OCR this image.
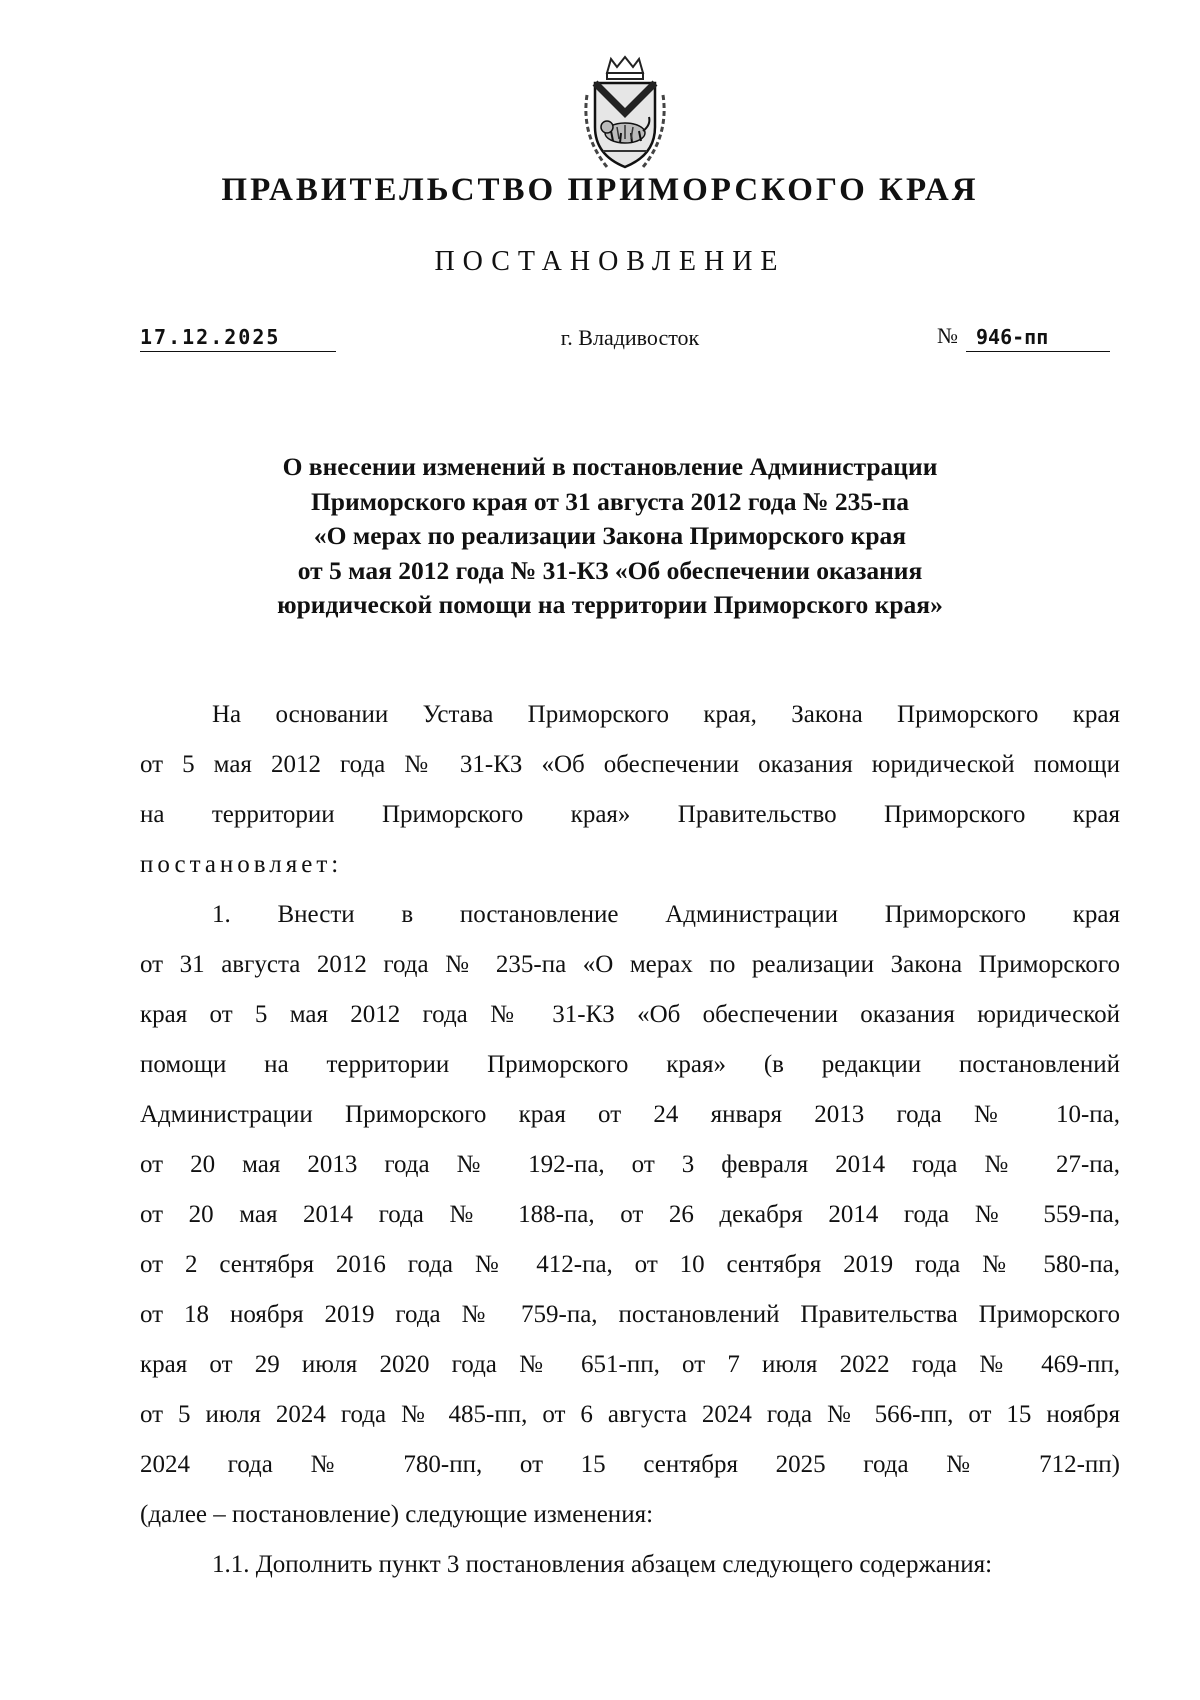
ПРАВИТЕЛЬСТВО ПРИМОРСКОГО КРАЯ
ПОСТАНОВЛЕНИЕ
17.12.2025	г. Владивосток	№ 946-пп
О внесении изменений в постановление Администрации
Приморского края от 31 августа 2012 года № 235-па
«О мерах по реализации Закона Приморского края
от 5 мая 2012 года № 31-КЗ «Об обеспечении оказания
юридической помощи на территории Приморского края»
На основании Устава Приморского края, Закона Приморского края
от 5 мая 2012 года № 31-КЗ «Об обеспечении оказания юридической помощи
на территории Приморского края» Правительство Приморского края
постановляет:
1. Внести в постановление Администрации Приморского края
от 31 августа 2012 года № 235-па «О мерах по реализации Закона Приморского
края от 5 мая 2012 года № 31-КЗ «Об обеспечении оказания юридической
помощи на территории Приморского края» (в редакции постановлений
Администрации Приморского края от 24 января 2013 года № 10-па,
от 20 мая 2013 года № 192-па, от 3 февраля 2014 года № 27-па,
от 20 мая 2014 года № 188-па, от 26 декабря 2014 года № 559-па,
от 2 сентября 2016 года № 412-па, от 10 сентября 2019 года № 580-па,
от 18 ноября 2019 года № 759-па, постановлений Правительства Приморского
края от 29 июля 2020 года № 651-пп, от 7 июля 2022 года № 469-пп,
от 5 июля 2024 года № 485-пп, от 6 августа 2024 года № 566-пп, от 15 ноября
2024 года № 780-пп, от 15 сентября 2025 года № 712-пп)
(далее – постановление) следующие изменения:
1.1. Дополнить пункт 3 постановления абзацем следующего содержания:
